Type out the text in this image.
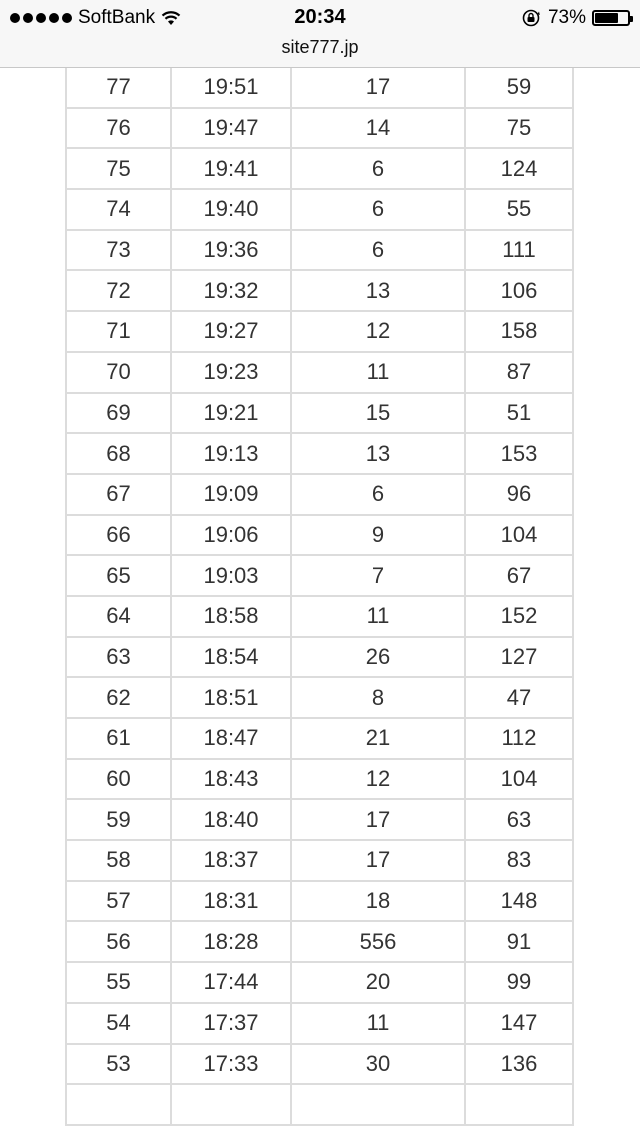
SoftBank	20:34	73%
site777.jp
77	19:51	17	59
76	19:47	14	75
75	19:41	6	124
74	19:40	6	55
73	19:36	6	111
72	19:32	13	106
71	19:27	12	158
70	19:23	11	87
69	19:21	15	51
68	19:13	13	153
67	19:09	6	96
66	19:06	9	104
65	19:03	7	67
64	18:58	11	152
63	18:54	26	127
62	18:51	8	47
61	18:47	21	112
60	18:43	12	104
59	18:40	17	63
58	18:37	17	83
57	18:31	18	148
56	18:28	556	91
55	17:44	20	99
54	17:37	11	147
53	17:33	30	136
